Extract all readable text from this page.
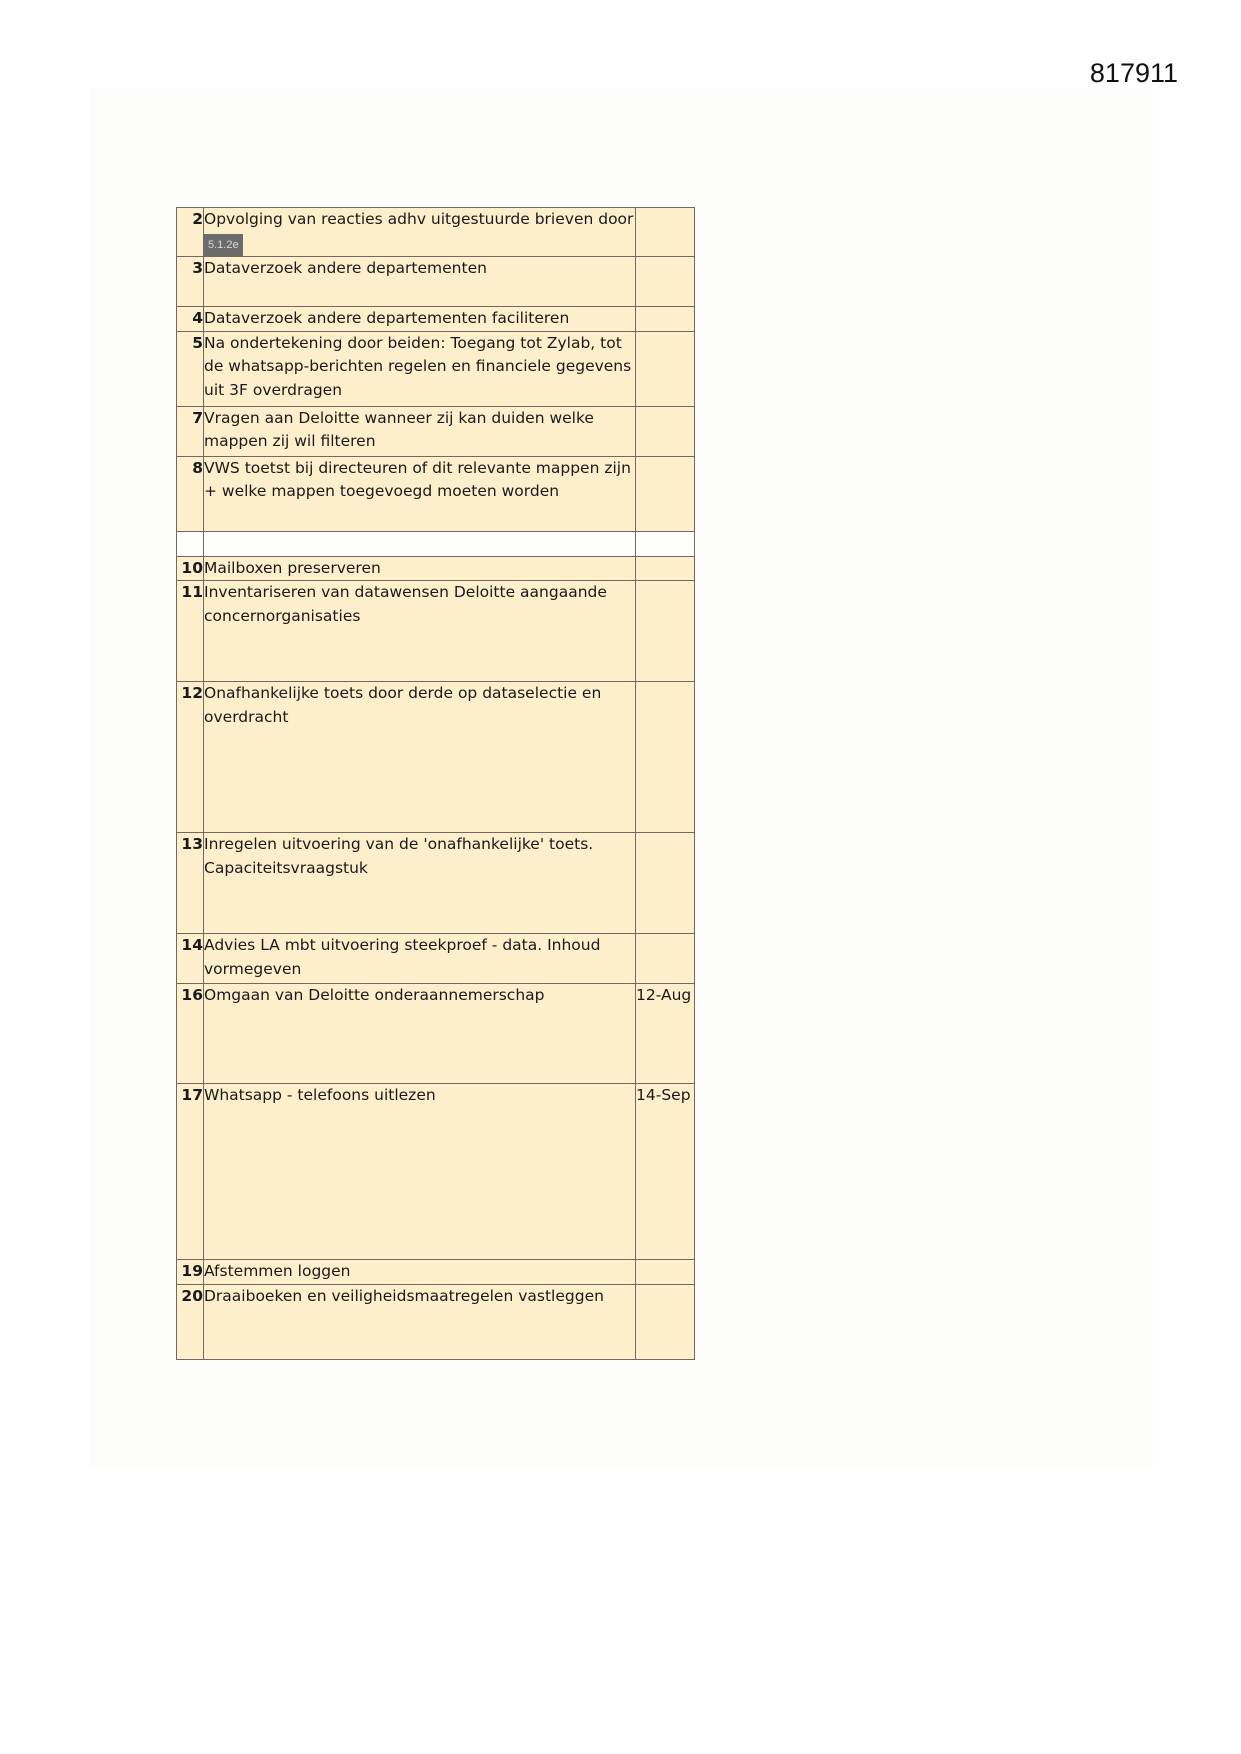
817911
2	Opvolging van reacties adhv uitgestuurde brieven door
5.1.2e	
3	Dataverzoek andere departementen	
4	Dataverzoek andere departementen faciliteren	
5	Na ondertekening door beiden: Toegang tot Zylab, tot de whatsapp-berichten regelen en financiele gegevens uit 3F overdragen	
7	Vragen aan Deloitte wanneer zij kan duiden welke mappen zij wil filteren	
8	VWS toetst bij directeuren of dit relevante mappen zijn + welke mappen toegevoegd moeten worden	

10	Mailboxen preserveren	
11	Inventariseren van datawensen Deloitte aangaande concernorganisaties	
12	Onafhankelijke toets door derde op dataselectie en overdracht	
13	Inregelen uitvoering van de 'onafhankelijke' toets. Capaciteitsvraagstuk	
14	Advies LA mbt uitvoering steekproef - data. Inhoud vormegeven	
16	Omgaan van Deloitte onderaannemerschap	12-Aug
17	Whatsapp - telefoons uitlezen	14-Sep
19	Afstemmen loggen	
20	Draaiboeken en veiligheidsmaatregelen vastleggen	
